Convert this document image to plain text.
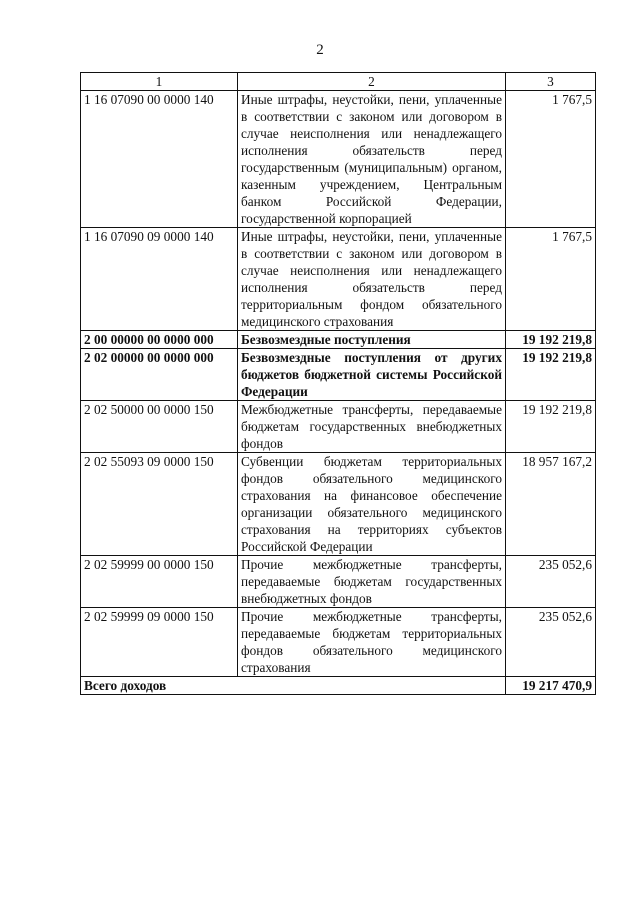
2
1	2	3
1 16 07090 00 0000 140	Иные штрафы, неустойки, пени, уплаченные в соответствии с законом или договором в случае неисполнения или ненадлежащего исполнения обязательств перед государственным (муниципальным) органом, казенным учреждением, Центральным банком Российской Федерации, государственной корпорацией	1 767,5
1 16 07090 09 0000 140	Иные штрафы, неустойки, пени, уплаченные в соответствии с законом или договором в случае неисполнения или ненадлежащего исполнения обязательств перед территориальным фондом обязательного медицинского страхования	1 767,5
2 00 00000 00 0000 000	Безвозмездные поступления	19 192 219,8
2 02 00000 00 0000 000	Безвозмездные поступления от других бюджетов бюджетной системы Российской Федерации	19 192 219,8
2 02 50000 00 0000 150	Межбюджетные трансферты, передаваемые бюджетам государственных внебюджетных фондов	19 192 219,8
2 02 55093 09 0000 150	Субвенции бюджетам территориальных фондов обязательного медицинского страхования на финансовое обеспечение организации обязательного медицинского страхования на территориях субъектов Российской Федерации	18 957 167,2
2 02 59999 00 0000 150	Прочие межбюджетные трансферты, передаваемые бюджетам государственных внебюджетных фондов	235 052,6
2 02 59999 09 0000 150	Прочие межбюджетные трансферты, передаваемые бюджетам территориальных фондов обязательного медицинского страхования	235 052,6
Всего доходов		19 217 470,9
